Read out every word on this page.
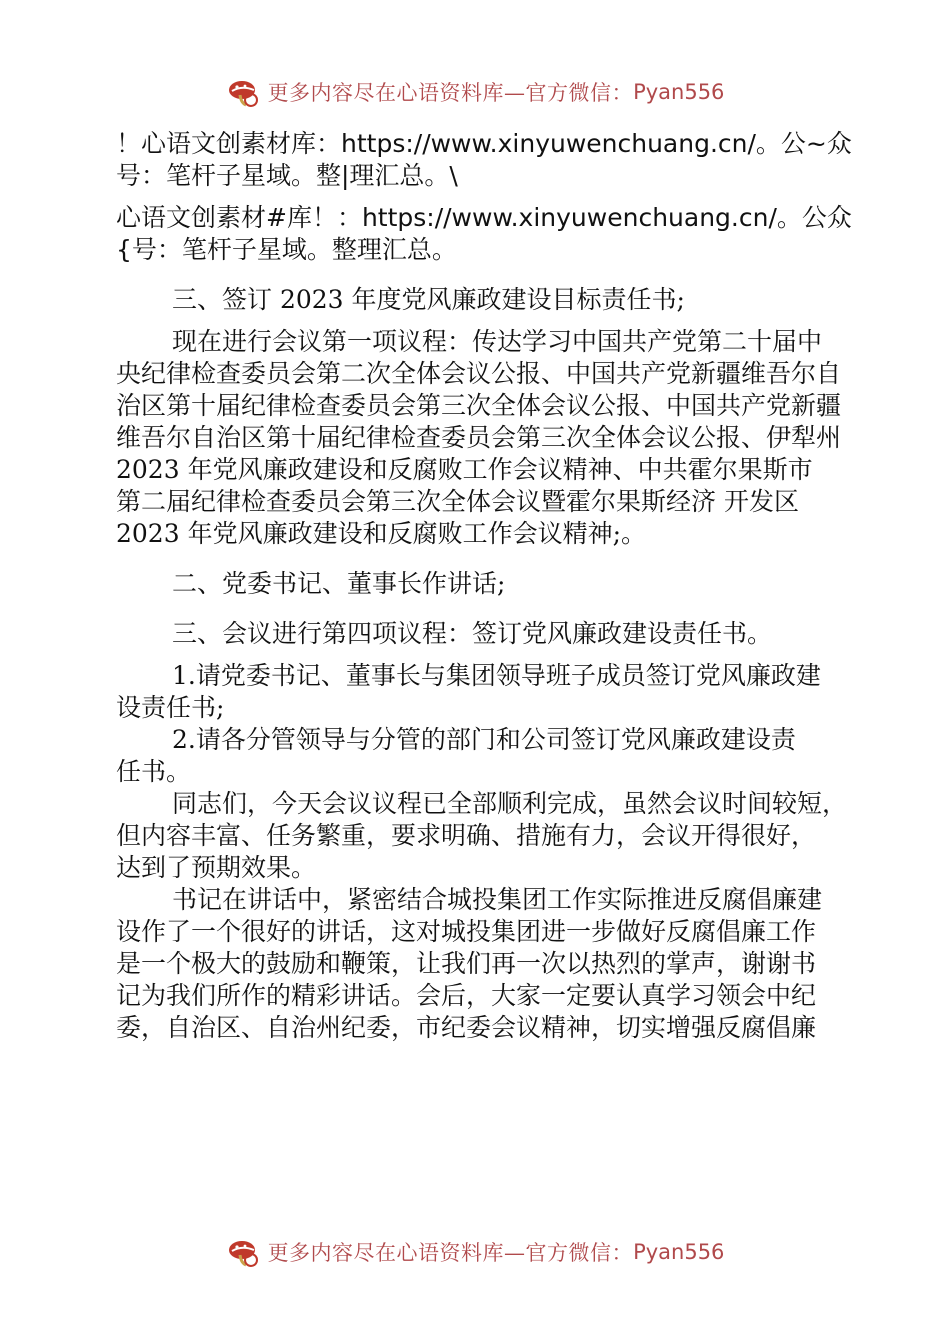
更多内容尽在心语资料库—官方微信： Pyan556
！心语文创素材库：https://www.xinyuwenchuang.cn/。公~众
号：笔杆子星域。整|理汇总。\
心语文创素材#库！：https://www.xinyuwenchuang.cn/。公众
{号：笔杆子星域。整理汇总。
三、签订 2023 年度党风廉政建设目标责任书;
现在进行会议第一项议程：传达学习中国共产党第二十届中
央纪律检查委员会第二次全体会议公报、中国共产党新疆维吾尔自
治区第十届纪律检查委员会第三次全体会议公报、中国共产党新疆
维吾尔自治区第十届纪律检查委员会第三次全体会议公报、伊犁州
2023 年党风廉政建设和反腐败工作会议精神、中共霍尔果斯市
第二届纪律检查委员会第三次全体会议暨霍尔果斯经济 开发区
2023 年党风廉政建设和反腐败工作会议精神;。
二、党委书记、董事长作讲话;
三、会议进行第四项议程：签订党风廉政建设责任书。
1.请党委书记、董事长与集团领导班子成员签订党风廉政建
设责任书;
2.请各分管领导与分管的部门和公司签订党风廉政建设责
任书。
同志们，今天会议议程已全部顺利完成，虽然会议时间较短，
但内容丰富、任务繁重，要求明确、措施有力，会议开得很好，
达到了预期效果。
书记在讲话中，紧密结合城投集团工作实际推进反腐倡廉建
设作了一个很好的讲话，这对城投集团进一步做好反腐倡廉工作
是一个极大的鼓励和鞭策，让我们再一次以热烈的掌声，谢谢书
记为我们所作的精彩讲话。会后，大家一定要认真学习领会中纪
委，自治区、自治州纪委，市纪委会议精神，切实增强反腐倡廉
更多内容尽在心语资料库—官方微信： Pyan556
